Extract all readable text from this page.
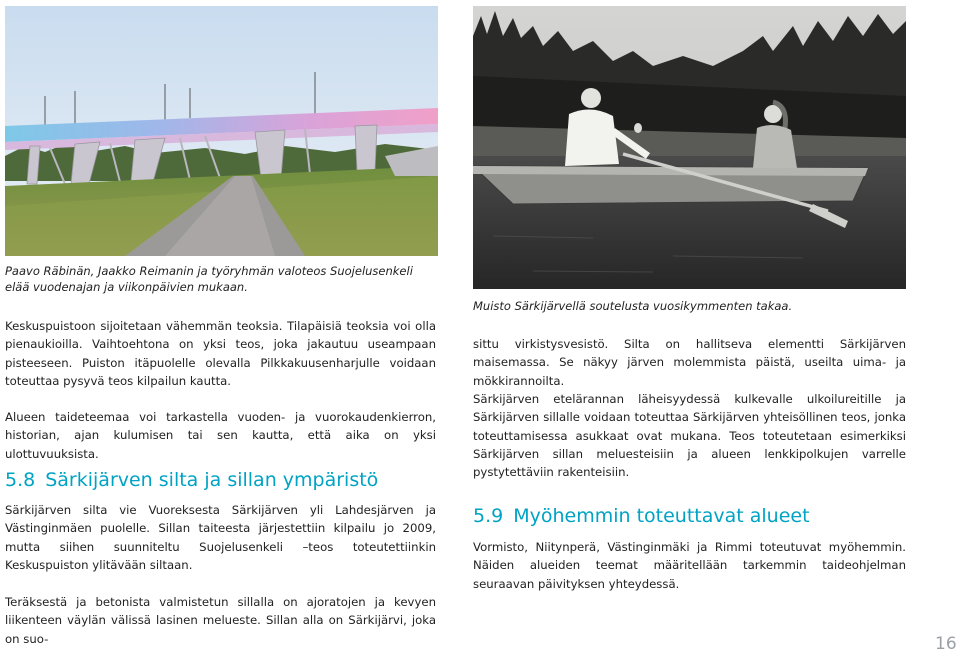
Paavo Räbinän, Jaakko Reimanin ja työryhmän valoteos Suojelusenkeli elää vuodenajan ja viikonpäivien mukaan.
Muisto Särkijärvellä soutelusta vuosikymmenten takaa.

Keskuspuistoon sijoitetaan vähemmän teoksia. Tilapäisiä teoksia voi olla pienaukioilla. Vaihtoehtona on yksi teos, joka jakautuu useampaan pisteeseen. Puiston itäpuolelle olevalla Pilkkakuusenharjulle voidaan toteuttaa pysyvä teos kilpailun kautta.

Alueen taideteemaa voi tarkastella vuoden- ja vuorokaudenkierron, historian, ajan kulumisen tai sen kautta, että aika on yksi ulottuvuuksista.

5.8 Särkijärven silta ja sillan ympäristö

Särkijärven silta vie Vuoreksesta Särkijärven yli Lahdesjärven ja Västinginmäen puolelle. Sillan taiteesta järjestettiin kilpailu jo 2009, mutta siihen suunniteltu Suojelusenkeli –teos toteutettiinkin Keskuspuiston ylitävään siltaan.

Teräksestä ja betonista valmistetun sillalla on ajoratojen ja kevyen liikenteen väylän välissä lasinen melueste. Sillan alla on Särkijärvi, joka on suo-

sittu virkistysvesistö. Silta on hallitseva elementti Särkijärven maisemassa. Se näkyy järven molemmista päistä, useilta uima- ja mökkirannoilta.

Särkijärven etelärannan läheisyydessä kulkevalle ulkoilureitille ja Särkijärven sillalle voidaan toteuttaa Särkijärven yhteisöllinen teos, jonka toteuttamisessa asukkaat ovat mukana. Teos toteutetaan esimerkiksi Särkijärven sillan meluesteisiin ja alueen lenkkipolkujen varrelle pystytettäviin rakenteisiin.

5.9 Myöhemmin toteuttavat alueet

Vormisto, Niitynperä, Västinginmäki ja Rimmi toteutuvat myöhemmin. Näiden alueiden teemat määritellään tarkemmin taideohjelman seuraavan päivityksen yhteydessä.

16
